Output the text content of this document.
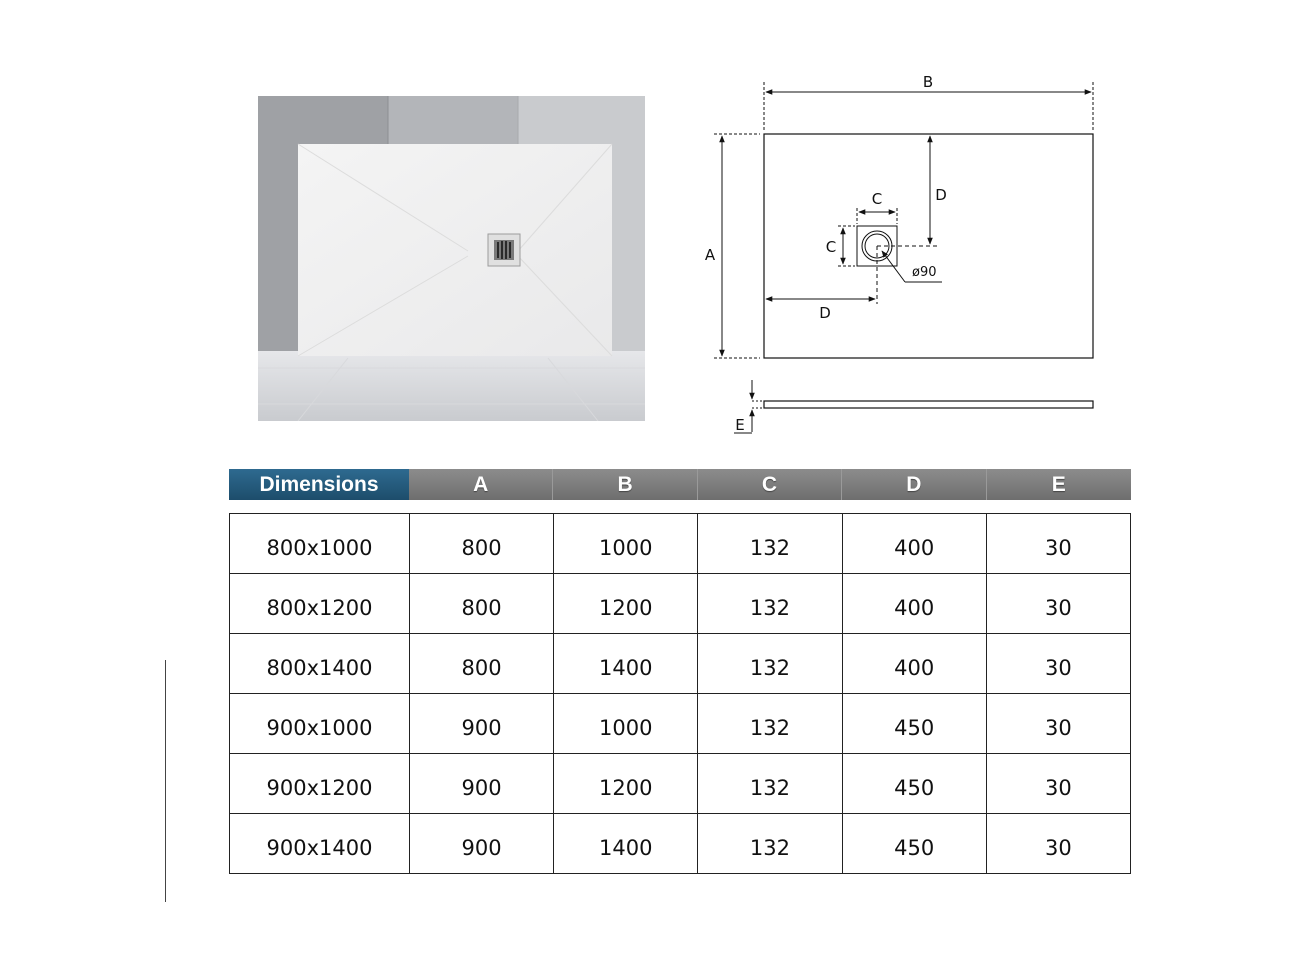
B
A
C
C
D
D
ø90
E
Dimensions	A	B	C	D	E
800x1000	800	1000	132	400	30
800x1200	800	1200	132	400	30
800x1400	800	1400	132	400	30
900x1000	900	1000	132	450	30
900x1200	900	1200	132	450	30
900x1400	900	1400	132	450	30
